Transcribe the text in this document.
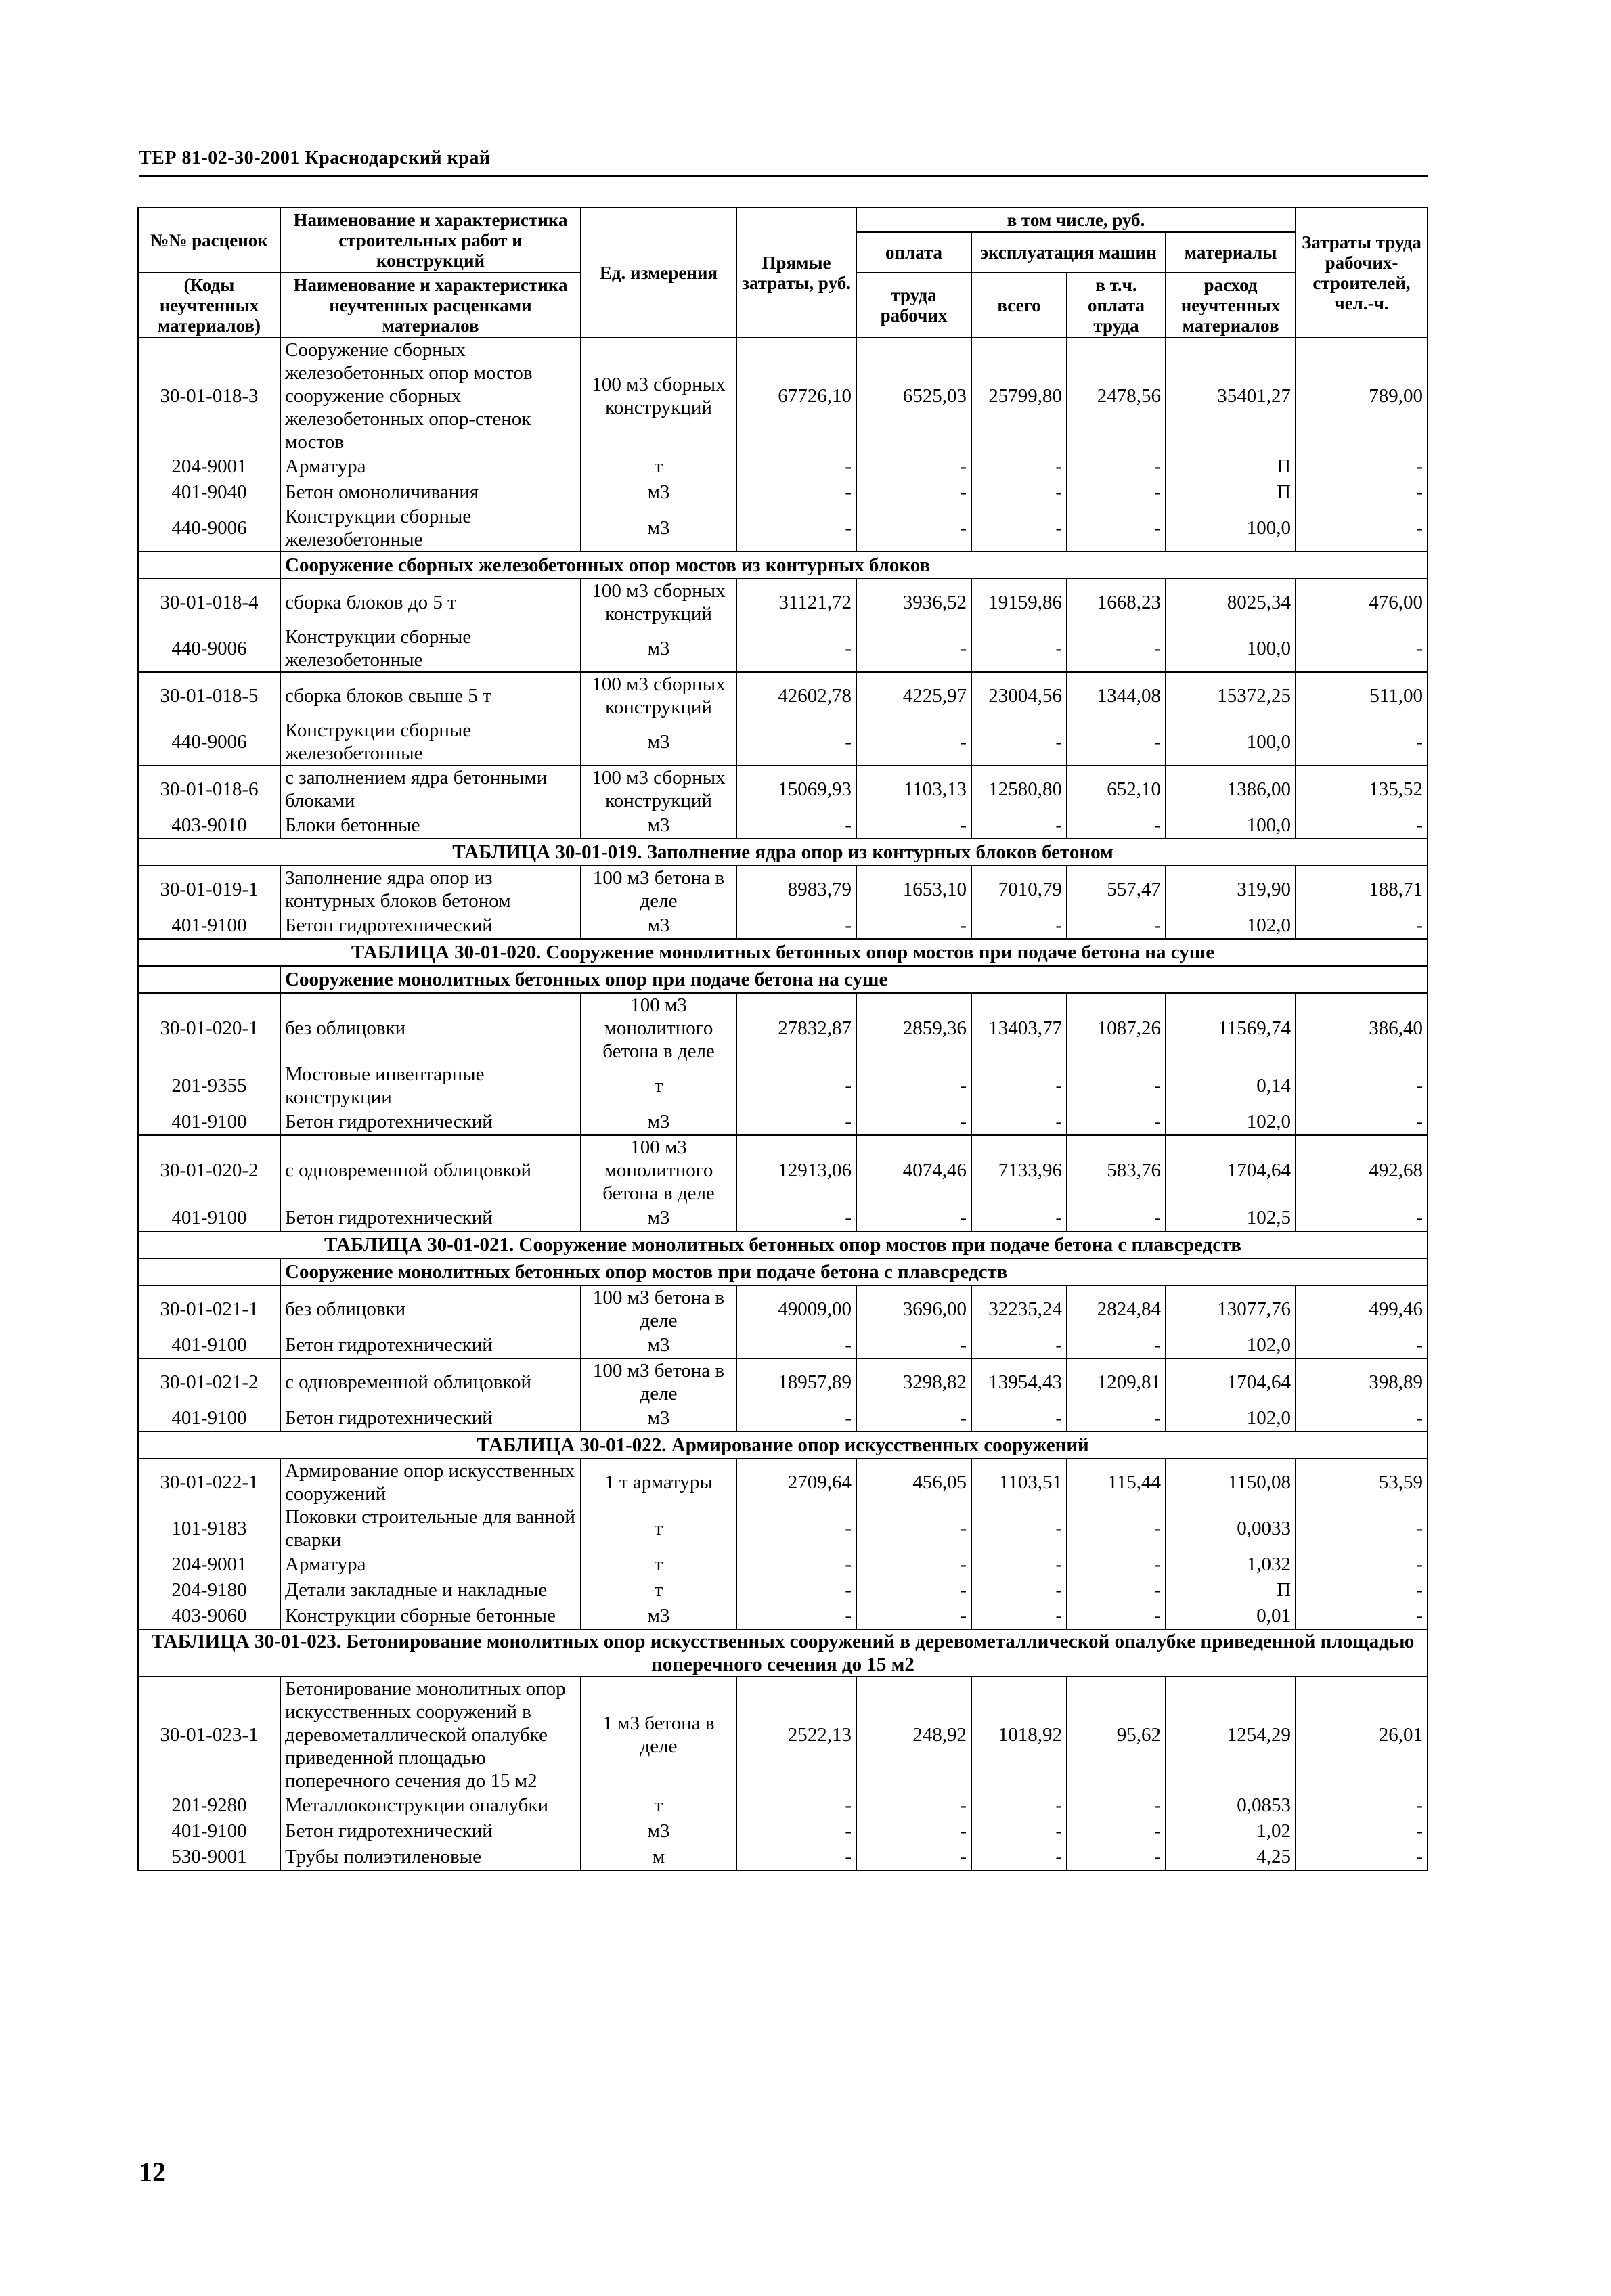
ТЕР 81-02-30-2001 Краснодарский край
№№ расценок	Наименование и характеристика строительных работ и конструкций	Ед. измерения	Прямые затраты, руб.	в том числе, руб.				Затраты труда рабочих-строителей, чел.-ч.
				оплата	эксплуатация машин		материалы	
(Коды неучтенных материалов)	Наименование и характеристика неучтенных расценками материалов				всего	в т.ч. оплата труда		
				труда рабочих			расход неучтенных материалов	
30-01-018-3	Сооружение сборных железобетонных опор мостов сооружение сборных железобетонных опор-стенок мостов	100 м3 сборных конструкций	67726,10	6525,03	25799,80	2478,56	35401,27	789,00
204-9001	Арматура	т	-	-	-	-	П	-
401-9040	Бетон омоноличивания	м3	-	-	-	-	П	-
440-9006	Конструкции сборные железобетонные	м3	-	-	-	-	100,0	-
	Сооружение сборных железобетонных опор мостов из контурных блоков							
30-01-018-4	сборка блоков до 5 т	100 м3 сборных конструкций	31121,72	3936,52	19159,86	1668,23	8025,34	476,00
440-9006	Конструкции сборные железобетонные	м3	-	-	-	-	100,0	-
30-01-018-5	сборка блоков свыше 5 т	100 м3 сборных конструкций	42602,78	4225,97	23004,56	1344,08	15372,25	511,00
440-9006	Конструкции сборные железобетонные	м3	-	-	-	-	100,0	-
30-01-018-6	с заполнением ядра бетонными блоками	100 м3 сборных конструкций	15069,93	1103,13	12580,80	652,10	1386,00	135,52
403-9010	Блоки бетонные	м3	-	-	-	-	100,0	-
ТАБЛИЦА 30-01-019. Заполнение ядра опор из контурных блоков бетоном								
30-01-019-1	Заполнение ядра опор из контурных блоков бетоном	100 м3 бетона в деле	8983,79	1653,10	7010,79	557,47	319,90	188,71
401-9100	Бетон гидротехнический	м3	-	-	-	-	102,0	-
ТАБЛИЦА 30-01-020. Сооружение монолитных бетонных опор мостов при подаче бетона на суше								
	Сооружение монолитных бетонных опор при подаче бетона на суше							
30-01-020-1	без облицовки	100 м3 монолитного бетона в деле	27832,87	2859,36	13403,77	1087,26	11569,74	386,40
201-9355	Мостовые инвентарные конструкции	т	-	-	-	-	0,14	-
401-9100	Бетон гидротехнический	м3	-	-	-	-	102,0	-
30-01-020-2	с одновременной облицовкой	100 м3 монолитного бетона в деле	12913,06	4074,46	7133,96	583,76	1704,64	492,68
401-9100	Бетон гидротехнический	м3	-	-	-	-	102,5	-
ТАБЛИЦА 30-01-021. Сооружение монолитных бетонных опор мостов при подаче бетона с плавсредств								
	Сооружение монолитных бетонных опор мостов при подаче бетона с плавсредств							
30-01-021-1	без облицовки	100 м3 бетона в деле	49009,00	3696,00	32235,24	2824,84	13077,76	499,46
401-9100	Бетон гидротехнический	м3	-	-	-	-	102,0	-
30-01-021-2	с одновременной облицовкой	100 м3 бетона в деле	18957,89	3298,82	13954,43	1209,81	1704,64	398,89
401-9100	Бетон гидротехнический	м3	-	-	-	-	102,0	-
ТАБЛИЦА 30-01-022. Армирование опор искусственных сооружений								
30-01-022-1	Армирование опор искусственных сооружений	1 т арматуры	2709,64	456,05	1103,51	115,44	1150,08	53,59
101-9183	Поковки строительные для ванной сварки	т	-	-	-	-	0,0033	-
204-9001	Арматура	т	-	-	-	-	1,032	-
204-9180	Детали закладные и накладные	т	-	-	-	-	П	-
403-9060	Конструкции сборные бетонные	м3	-	-	-	-	0,01	-
ТАБЛИЦА 30-01-023. Бетонирование монолитных опор искусственных сооружений в деревометаллической опалубке приведенной площадью поперечного сечения до 15 м2								
30-01-023-1	Бетонирование монолитных опор искусственных сооружений в деревометаллической опалубке приведенной площадью поперечного сечения до 15 м2	1 м3 бетона в деле	2522,13	248,92	1018,92	95,62	1254,29	26,01
201-9280	Металлоконструкции опалубки	т	-	-	-	-	0,0853	-
401-9100	Бетон гидротехнический	м3	-	-	-	-	1,02	-
530-9001	Трубы полиэтиленовые	м	-	-	-	-	4,25	-
12
